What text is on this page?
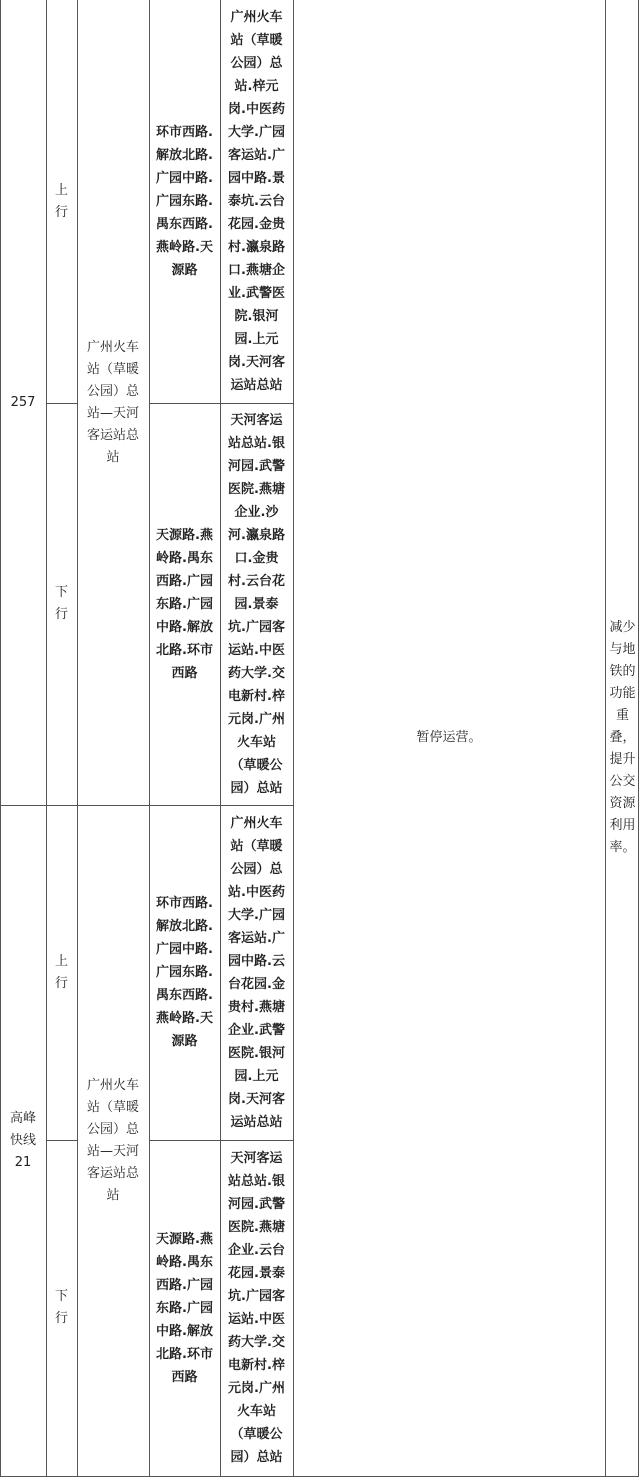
257
上行
下行
广州火车站（草暖公园）总站—天河客运站总站
环市西路.解放北路.广园中路.广园东路.禺东西路.燕岭路.天源路
天源路.燕岭路.禺东西路.广园东路.广园中路.解放北路.环市西路
广州火车站（草暖公园）总站.梓元岗.中医药大学.广园客运站.广园中路.景泰坑.云台花园.金贵村.瀛泉路口.燕塘企业.武警医院.银河园.上元岗.天河客运站总站
天河客运站总站.银河园.武警医院.燕塘企业.沙河.瀛泉路口.金贵村.云台花园.景泰坑.广园客运站.中医药大学.交电新村.梓元岗.广州火车站（草暖公园）总站
高峰快线21
上行
下行
广州火车站（草暖公园）总站—天河客运站总站
环市西路.解放北路.广园中路.广园东路.禺东西路.燕岭路.天源路
天源路.燕岭路.禺东西路.广园东路.广园中路.解放北路.环市西路
广州火车站（草暖公园）总站.中医药大学.广园客运站.广园中路.云台花园.金贵村.燕塘企业.武警医院.银河园.上元岗.天河客运站总站
天河客运站总站.银河园.武警医院.燕塘企业.云台花园.景泰坑.广园客运站.中医药大学.交电新村.梓元岗.广州火车站（草暖公园）总站
暂停运营。
减少与地铁的功能重叠，提升公交资源利用率。
